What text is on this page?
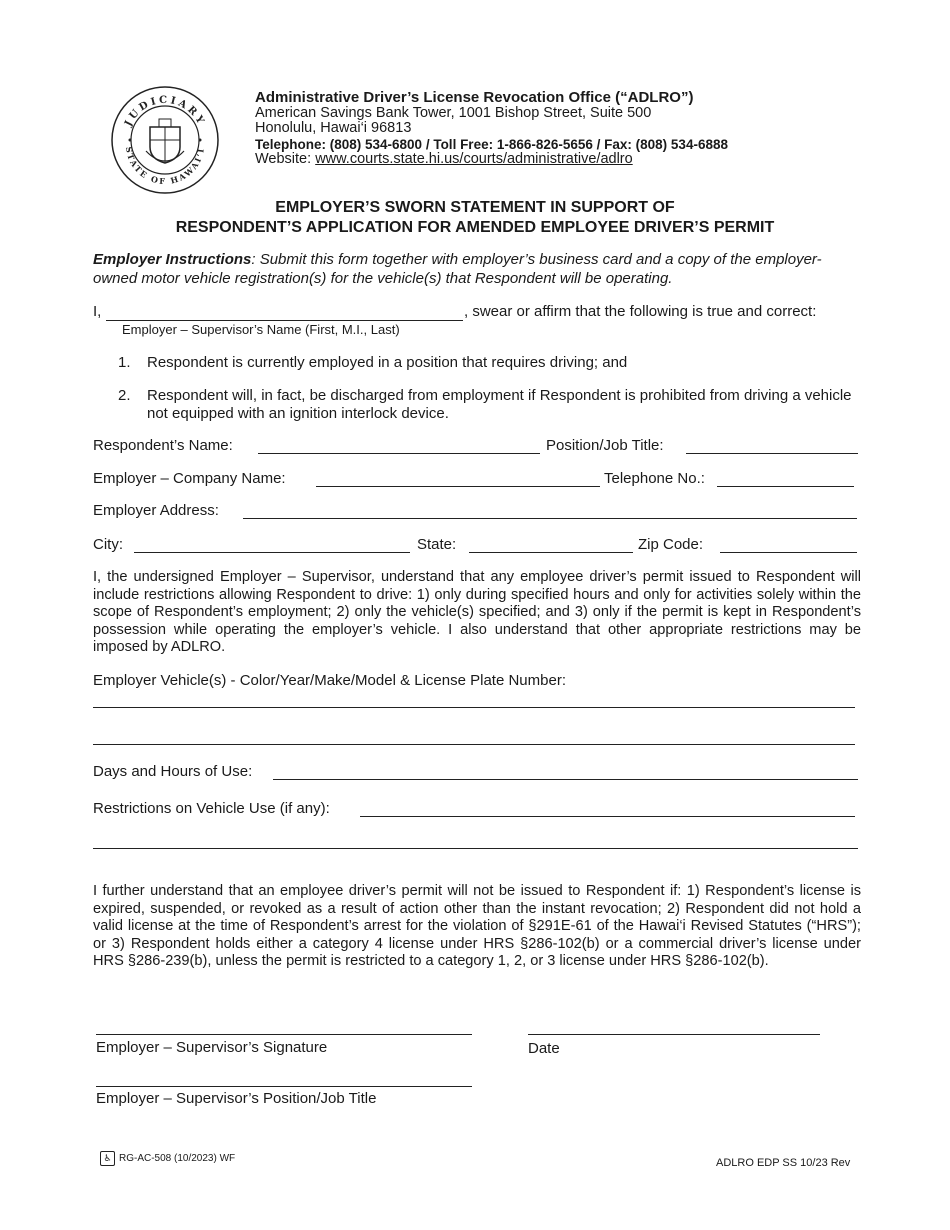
JUDICIARY
STATE OF HAWAI‘I
Administrative Driver’s License Revocation Office (“ADLRO”)
American Savings Bank Tower, 1001 Bishop Street, Suite 500
Honolulu, Hawai‘i 96813
Telephone: (808) 534-6800 / Toll Free: 1-866-826-5656 / Fax: (808) 534-6888
Website: www.courts.state.hi.us/courts/administrative/adlro
EMPLOYER’S SWORN STATEMENT IN SUPPORT OF
RESPONDENT’S APPLICATION FOR AMENDED EMPLOYEE DRIVER’S PERMIT
Employer Instructions: Submit this form together with employer’s business card and a copy of the employer-owned motor vehicle registration(s) for the vehicle(s) that Respondent will be operating.
I,	, swear or affirm that the following is true and correct:
Employer – Supervisor’s Name (First, M.I., Last)
1. Respondent is currently employed in a position that requires driving; and
2. Respondent will, in fact, be discharged from employment if Respondent is prohibited from driving a vehicle not equipped with an ignition interlock device.
Respondent’s Name:	Position/Job Title:
Employer – Company Name:	Telephone No.:
Employer Address:
City:	State:	Zip Code:
I, the undersigned Employer – Supervisor, understand that any employee driver’s permit issued to Respondent will include restrictions allowing Respondent to drive: 1) only during specified hours and only for activities solely within the scope of Respondent’s employment; 2) only the vehicle(s) specified; and 3) only if the permit is kept in Respondent’s possession while operating the employer’s vehicle. I also understand that other appropriate restrictions may be imposed by ADLRO.
Employer Vehicle(s) - Color/Year/Make/Model & License Plate Number:
Days and Hours of Use:
Restrictions on Vehicle Use (if any):
I further understand that an employee driver’s permit will not be issued to Respondent if: 1) Respondent’s license is expired, suspended, or revoked as a result of action other than the instant revocation; 2) Respondent did not hold a valid license at the time of Respondent’s arrest for the violation of §291E-61 of the Hawai‘i Revised Statutes (“HRS”); or 3) Respondent holds either a category 4 license under HRS §286-102(b) or a commercial driver’s license under HRS §286-239(b), unless the permit is restricted to a category 1, 2, or 3 license under HRS §286-102(b).
Employer – Supervisor’s Signature	Date
Employer – Supervisor’s Position/Job Title
♿ RG-AC-508 (10/2023) WF	ADLRO EDP SS 10/23 Rev
